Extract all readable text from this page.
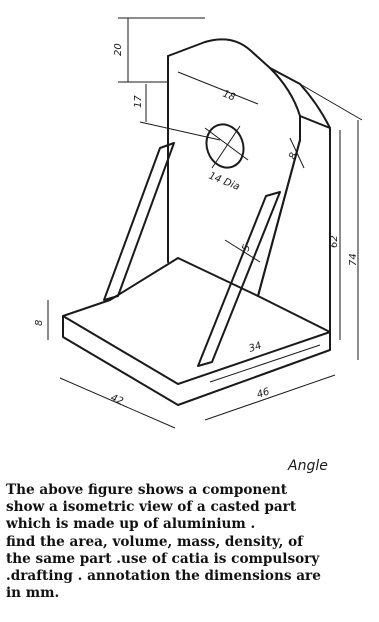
20
17	18
14 Dia
8
5
62
74
8
34
42	46
Angle

The above figure shows a component
show a isometric view of a casted part
which is made up of aluminium .
find the area, volume, mass, density, of
the same part .use of catia is compulsory
.drafting . annotation the dimensions are
in mm.
